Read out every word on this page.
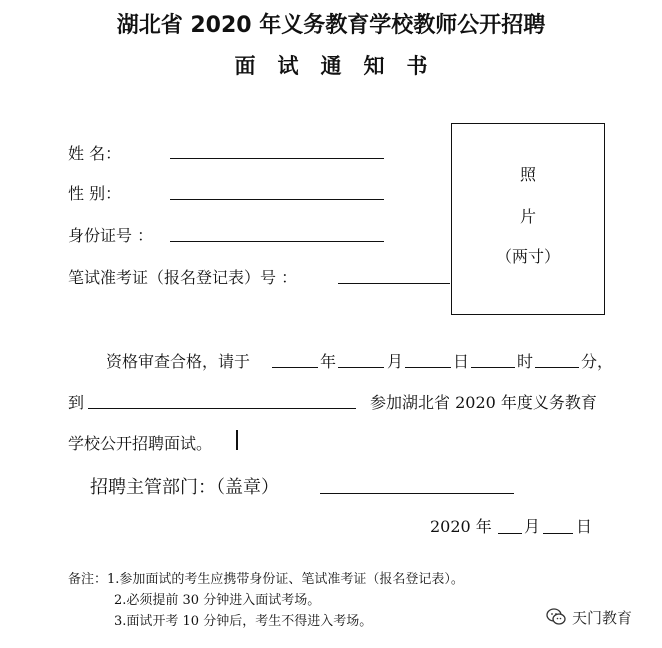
湖北省 2020 年义务教育学校教师公开招聘
面试通知书
姓 名：
性 别：
身份证号 ：
笔试准考证（报名登记表）号 ：
照
片
（两寸）
资格审查合格，请于	年	月	日	时	分，
到	参加湖北省 2020 年度义务教育
学校公开招聘面试。
招聘主管部门：（盖章）
2020 年 月 日
备注：1.参加面试的考生应携带身份证、笔试准考证（报名登记表）。
2.必须提前 30 分钟进入面试考场。
3.面试开考 10 分钟后，考生不得进入考场。	天门教育
